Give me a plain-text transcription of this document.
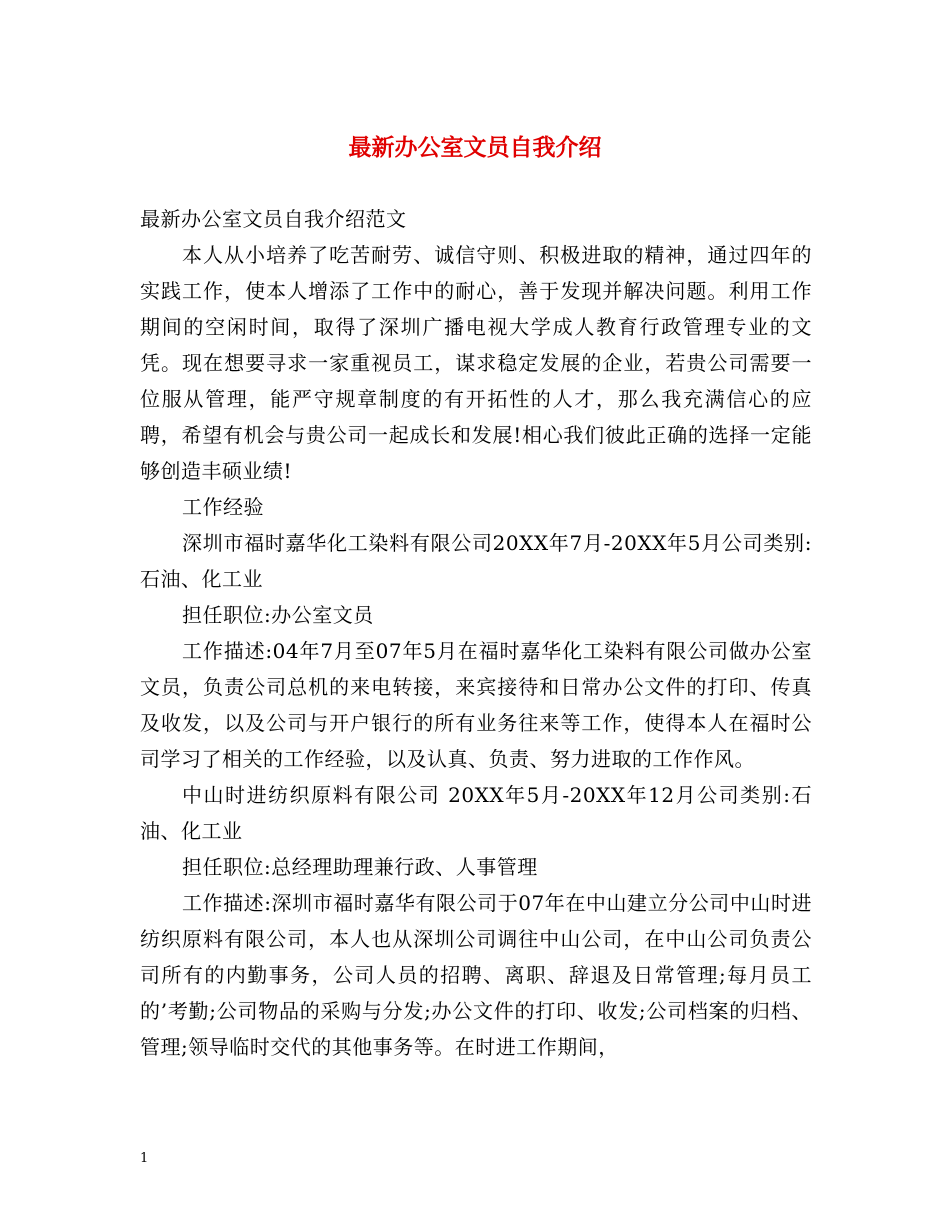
最新办公室文员自我介绍

最新办公室文员自我介绍范文

本人从小培养了吃苦耐劳、诚信守则、积极进取的精神，通过四年的实践工作，使本人增添了工作中的耐心，善于发现并解决问题。利用工作期间的空闲时间，取得了深圳广播电视大学成人教育行政管理专业的文凭。现在想要寻求一家重视员工，谋求稳定发展的企业，若贵公司需要一位服从管理，能严守规章制度的有开拓性的人才，那么我充满信心的应聘，希望有机会与贵公司一起成长和发展!相心我们彼此正确的选择一定能够创造丰硕业绩!

工作经验

深圳市福时嘉华化工染料有限公司20XX年7月-20XX年5月公司类别:石油、化工业

担任职位:办公室文员

工作描述:04年7月至07年5月在福时嘉华化工染料有限公司做办公室文员，负责公司总机的来电转接，来宾接待和日常办公文件的打印、传真及收发，以及公司与开户银行的所有业务往来等工作，使得本人在福时公司学习了相关的工作经验，以及认真、负责、努力进取的工作作风。

中山时进纺织原料有限公司 20XX年5月-20XX年12月公司类别:石油、化工业

担任职位:总经理助理兼行政、人事管理

工作描述:深圳市福时嘉华有限公司于07年在中山建立分公司中山时进纺织原料有限公司，本人也从深圳公司调往中山公司，在中山公司负责公司所有的内勤事务，公司人员的招聘、离职、辞退及日常管理;每月员工的’考勤;公司物品的采购与分发;办公文件的打印、收发;公司档案的归档、管理;领导临时交代的其他事务等。在时进工作期间，

1
